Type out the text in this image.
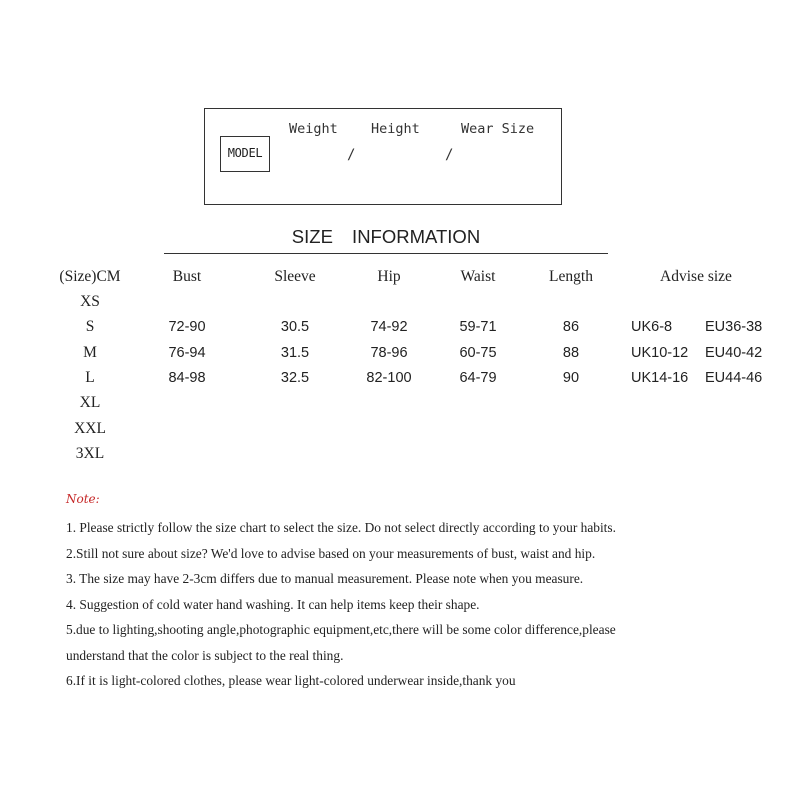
MODEL
Weight Height	Wear Size
/	/
SIZE INFORMATION
(Size)CM	Bust	Sleeve	Hip	Waist	Length	Advise size
XS
S	72-90	30.5	74-92	59-71	86	UK6-8 EU36-38
M	76-94	31.5	78-96	60-75	88	UK10-12 EU40-42
L	84-98	32.5	82-100	64-79	90	UK14-16 EU44-46
XL
XXL
3XL
Note:
1. Please strictly follow the size chart to select the size. Do not select directly according to your habits.
2.Still not sure about size? We'd love to advise based on your measurements of bust, waist and hip.
3. The size may have 2-3cm differs due to manual measurement. Please note when you measure.
4. Suggestion of cold water hand washing. It can help items keep their shape.
5.due to lighting,shooting angle,photographic equipment,etc,there will be some color difference,please
understand that the color is subject to the real thing.
6.If it is light-colored clothes, please wear light-colored underwear inside,thank you
